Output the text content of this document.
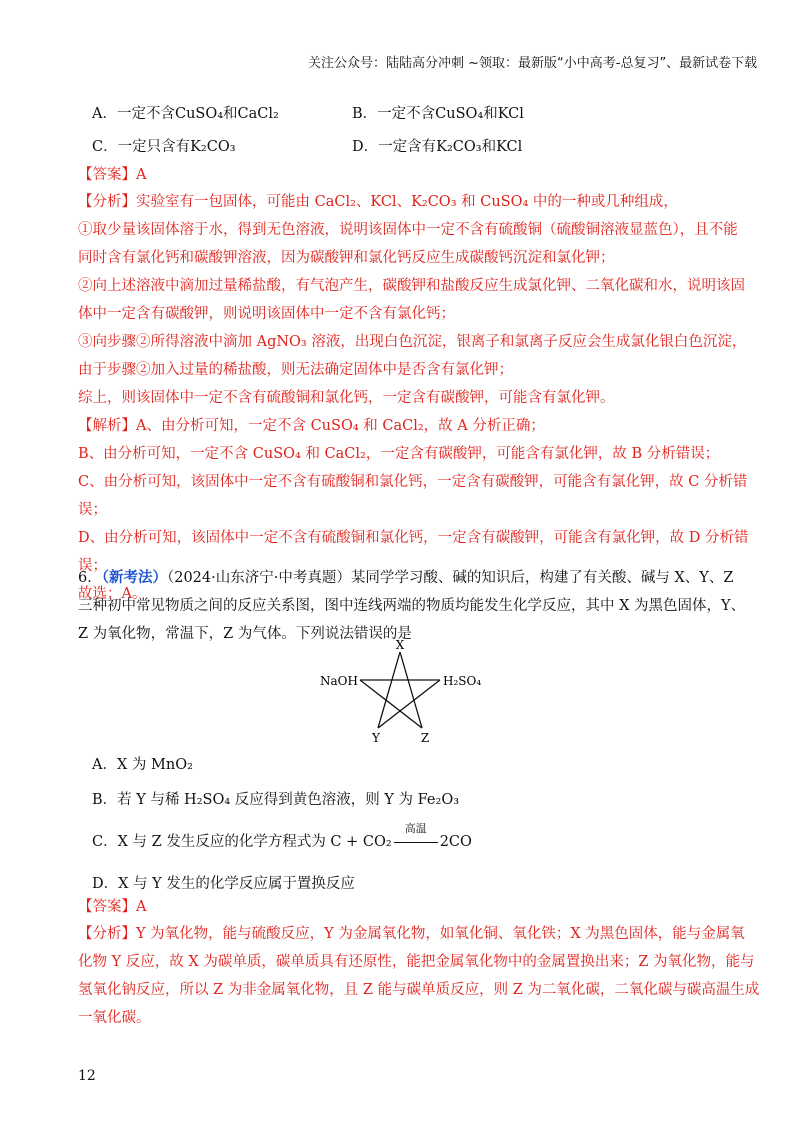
关注公众号：陆陆高分冲刺 ~领取：最新版“小中高考-总复习”、最新试卷下载
A．一定不含CuSO₄和CaCl₂	B．一定不含CuSO₄和KCl
C．一定只含有K₂CO₃	D．一定含有K₂CO₃和KCl
【答案】A
【分析】实验室有一包固体，可能由 CaCl₂、KCl、K₂CO₃ 和 CuSO₄ 中的一种或几种组成，
①取少量该固体溶于水，得到无色溶液，说明该固体中一定不含有硫酸铜（硫酸铜溶液显蓝色），且不能
同时含有氯化钙和碳酸钾溶液，因为碳酸钾和氯化钙反应生成碳酸钙沉淀和氯化钾；
②向上述溶液中滴加过量稀盐酸，有气泡产生，碳酸钾和盐酸反应生成氯化钾、二氧化碳和水，说明该固
体中一定含有碳酸钾，则说明该固体中一定不含有氯化钙；
③向步骤②所得溶液中滴加 AgNO₃ 溶液，出现白色沉淀，银离子和氯离子反应会生成氯化银白色沉淀，
由于步骤②加入过量的稀盐酸，则无法确定固体中是否含有氯化钾；
综上，则该固体中一定不含有硫酸铜和氯化钙，一定含有碳酸钾，可能含有氯化钾。
【解析】A、由分析可知，一定不含 CuSO₄ 和 CaCl₂，故 A 分析正确；
B、由分析可知，一定不含 CuSO₄ 和 CaCl₂，一定含有碳酸钾，可能含有氯化钾，故 B 分析错误；
C、由分析可知，该固体中一定不含有硫酸铜和氯化钙，一定含有碳酸钾，可能含有氯化钾，故 C 分析错
误；
D、由分析可知，该固体中一定不含有硫酸铜和氯化钙，一定含有碳酸钾，可能含有氯化钾，故 D 分析错
误；
故选：A。
6．（新考法）（2024·山东济宁·中考真题）某同学学习酸、碱的知识后，构建了有关酸、碱与 X、Y、Z
三种初中常见物质之间的反应关系图，图中连线两端的物质均能发生化学反应，其中 X 为黑色固体，Y、
Z 为氧化物，常温下，Z 为气体。下列说法错误的是
X
NaOH	H₂SO₄
Y	Z
A．X 为 MnO₂
B．若 Y 与稀 H₂SO₄ 反应得到黄色溶液，则 Y 为 Fe₂O₃
C．X 与 Z 发生反应的化学方程式为 C + CO₂
高温
2CO
D．X 与 Y 发生的化学反应属于置换反应
【答案】A
【分析】Y 为氧化物，能与硫酸反应，Y 为金属氧化物，如氧化铜、氧化铁；X 为黑色固体，能与金属氧
化物 Y 反应，故 X 为碳单质，碳单质具有还原性，能把金属氧化物中的金属置换出来；Z 为氧化物，能与
氢氧化钠反应，所以 Z 为非金属氧化物，且 Z 能与碳单质反应，则 Z 为二氧化碳，二氧化碳与碳高温生成
一氧化碳。
12
